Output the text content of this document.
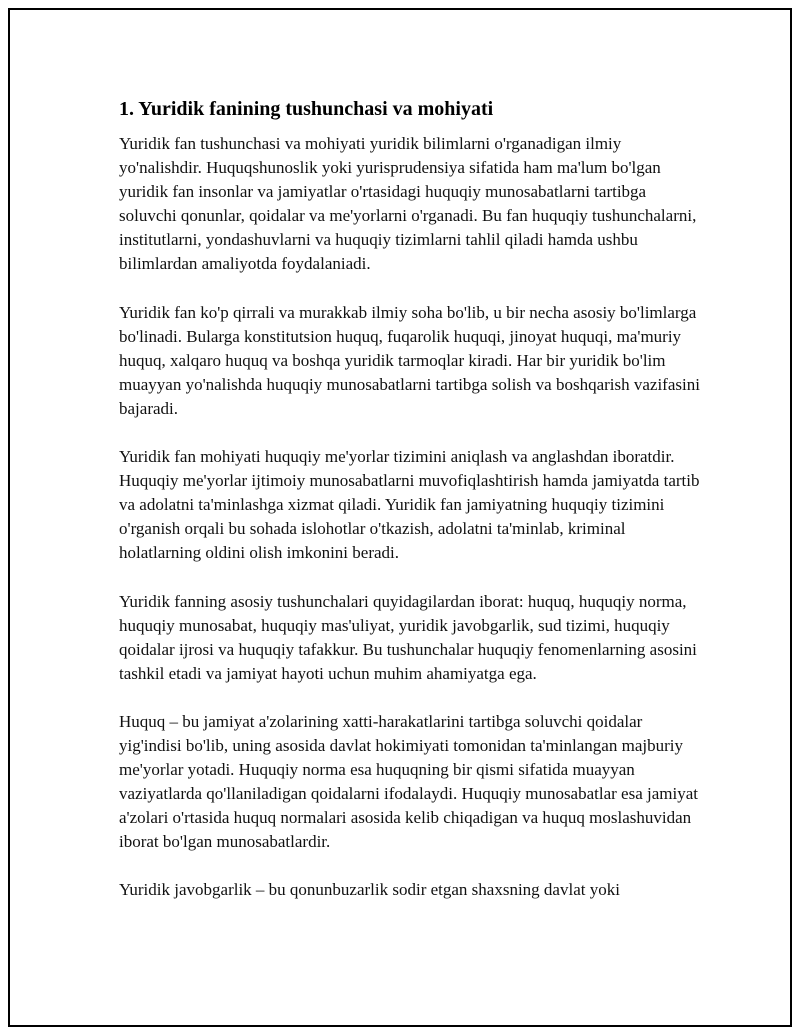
1. Yuridik fanining tushunchasi va mohiyati

Yuridik fan tushunchasi va mohiyati yuridik bilimlarni o'rganadigan ilmiy yo'nalishdir. Huquqshunoslik yoki yurisprudensiya sifatida ham ma'lum bo'lgan yuridik fan insonlar va jamiyatlar o'rtasidagi huquqiy munosabatlarni tartibga soluvchi qonunlar, qoidalar va me'yorlarni o'rganadi. Bu fan huquqiy tushunchalarni, institutlarni, yondashuvlarni va huquqiy tizimlarni tahlil qiladi hamda ushbu bilimlardan amaliyotda foydalaniadi.

Yuridik fan ko'p qirrali va murakkab ilmiy soha bo'lib, u bir necha asosiy bo'limlarga bo'linadi. Bularga konstitutsion huquq, fuqarolik huquqi, jinoyat huquqi, ma'muriy huquq, xalqaro huquq va boshqa yuridik tarmoqlar kiradi. Har bir yuridik bo'lim muayyan yo'nalishda huquqiy munosabatlarni tartibga solish va boshqarish vazifasini bajaradi.

Yuridik fan mohiyati huquqiy me'yorlar tizimini aniqlash va anglashdan iboratdir. Huquqiy me'yorlar ijtimoiy munosabatlarni muvofiqlashtirish hamda jamiyatda tartib va adolatni ta'minlashga xizmat qiladi. Yuridik fan jamiyatning huquqiy tizimini o'rganish orqali bu sohada islohotlar o'tkazish, adolatni ta'minlab, kriminal holatlarning oldini olish imkonini beradi.

Yuridik fanning asosiy tushunchalari quyidagilardan iborat: huquq, huquqiy norma, huquqiy munosabat, huquqiy mas'uliyat, yuridik javobgarlik, sud tizimi, huquqiy qoidalar ijrosi va huquqiy tafakkur. Bu tushunchalar huquqiy fenomenlarning asosini tashkil etadi va jamiyat hayoti uchun muhim ahamiyatga ega.

Huquq – bu jamiyat a'zolarining xatti-harakatlarini tartibga soluvchi qoidalar yig'indisi bo'lib, uning asosida davlat hokimiyati tomonidan ta'minlangan majburiy me'yorlar yotadi. Huquqiy norma esa huquqning bir qismi sifatida muayyan vaziyatlarda qo'llaniladigan qoidalarni ifodalaydi. Huquqiy munosabatlar esa jamiyat a'zolari o'rtasida huquq normalari asosida kelib chiqadigan va huquq moslashuvidan iborat bo'lgan munosabatlardir.

Yuridik javobgarlik – bu qonunbuzarlik sodir etgan shaxsning davlat yoki
